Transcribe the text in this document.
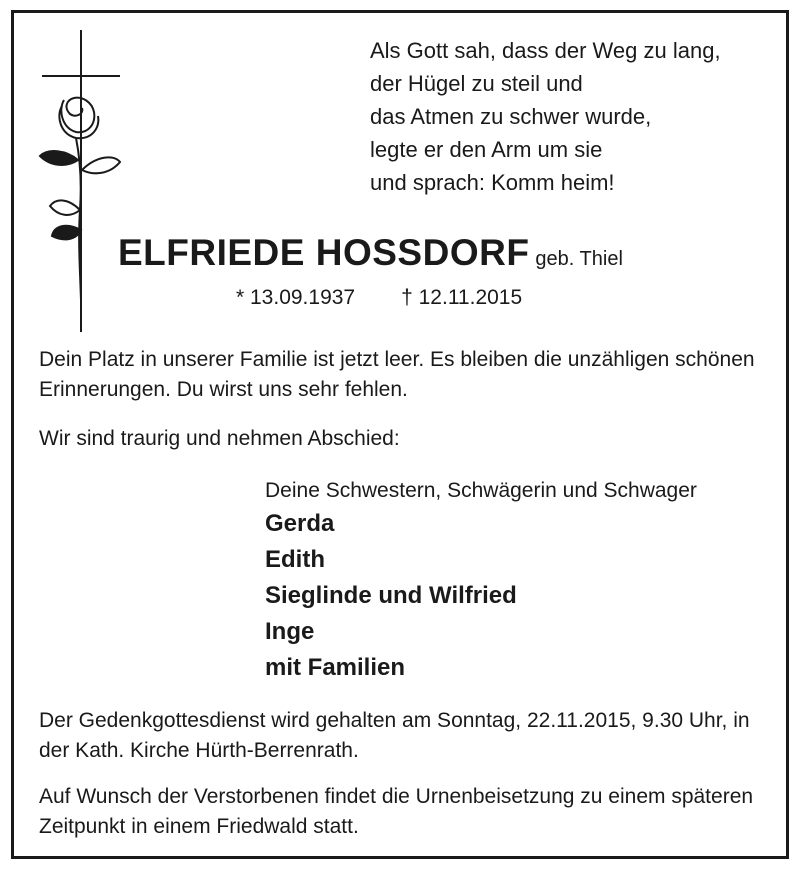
Als Gott sah, dass der Weg zu lang,
der Hügel zu steil und
das Atmen zu schwer wurde,
legte er den Arm um sie
und sprach: Komm heim!
ELFRIEDE HOSSDORF geb. Thiel
* 13.09.1937 † 12.11.2015
Dein Platz in unserer Familie ist jetzt leer. Es bleiben die unzähligen schönen Erinnerungen. Du wirst uns sehr fehlen.
Wir sind traurig und nehmen Abschied:
Deine Schwestern, Schwägerin und Schwager
Gerda
Edith
Sieglinde und Wilfried
Inge
mit Familien
Der Gedenkgottesdienst wird gehalten am Sonntag, 22.11.2015, 9.30 Uhr, in der Kath. Kirche Hürth-Berrenrath.
Auf Wunsch der Verstorbenen findet die Urnenbeisetzung zu einem späteren Zeitpunkt in einem Friedwald statt.
